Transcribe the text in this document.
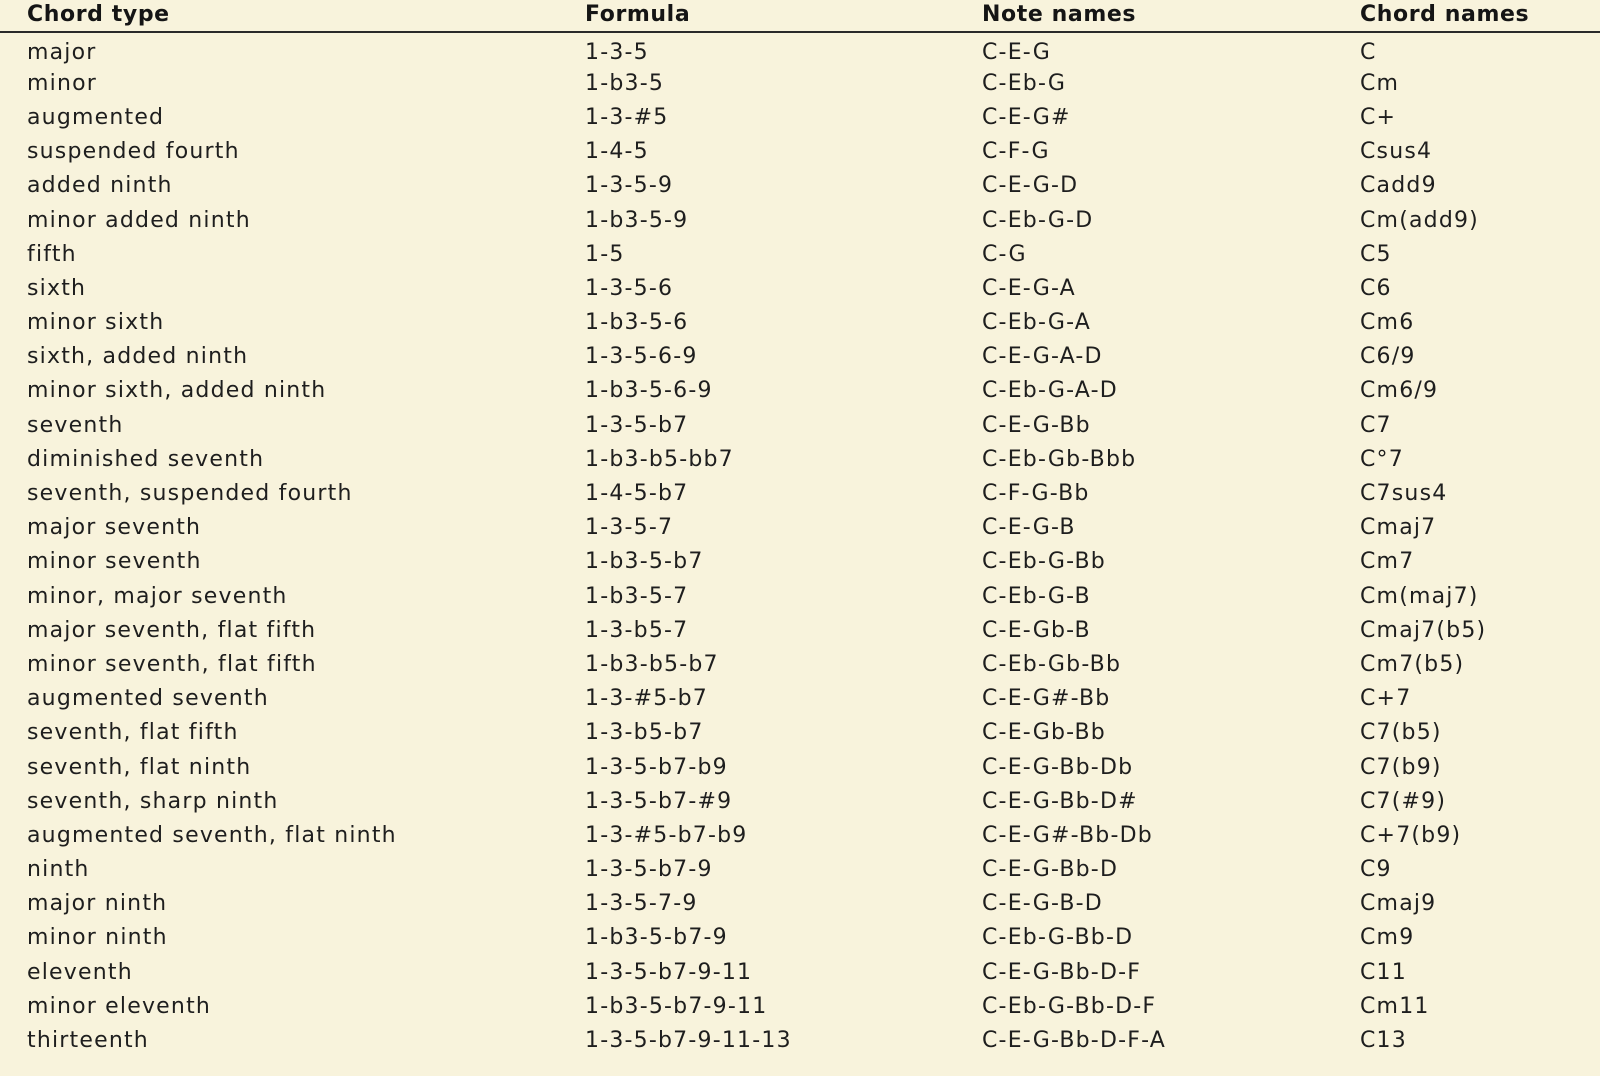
Chord type	Formula	Note names	Chord names
major	1-3-5	C-E-G	C
minor	1-b3-5	C-Eb-G	Cm
augmented	1-3-#5	C-E-G#	C+
suspended fourth	1-4-5	C-F-G	Csus4
added ninth	1-3-5-9	C-E-G-D	Cadd9
minor added ninth	1-b3-5-9	C-Eb-G-D	Cm(add9)
fifth	1-5	C-G	C5
sixth	1-3-5-6	C-E-G-A	C6
minor sixth	1-b3-5-6	C-Eb-G-A	Cm6
sixth, added ninth	1-3-5-6-9	C-E-G-A-D	C6/9
minor sixth, added ninth	1-b3-5-6-9	C-Eb-G-A-D	Cm6/9
seventh	1-3-5-b7	C-E-G-Bb	C7
diminished seventh	1-b3-b5-bb7	C-Eb-Gb-Bbb	C°7
seventh, suspended fourth	1-4-5-b7	C-F-G-Bb	C7sus4
major seventh	1-3-5-7	C-E-G-B	Cmaj7
minor seventh	1-b3-5-b7	C-Eb-G-Bb	Cm7
minor, major seventh	1-b3-5-7	C-Eb-G-B	Cm(maj7)
major seventh, flat fifth	1-3-b5-7	C-E-Gb-B	Cmaj7(b5)
minor seventh, flat fifth	1-b3-b5-b7	C-Eb-Gb-Bb	Cm7(b5)
augmented seventh	1-3-#5-b7	C-E-G#-Bb	C+7
seventh, flat fifth	1-3-b5-b7	C-E-Gb-Bb	C7(b5)
seventh, flat ninth	1-3-5-b7-b9	C-E-G-Bb-Db	C7(b9)
seventh, sharp ninth	1-3-5-b7-#9	C-E-G-Bb-D#	C7(#9)
augmented seventh, flat ninth	1-3-#5-b7-b9	C-E-G#-Bb-Db	C+7(b9)
ninth	1-3-5-b7-9	C-E-G-Bb-D	C9
major ninth	1-3-5-7-9	C-E-G-B-D	Cmaj9
minor ninth	1-b3-5-b7-9	C-Eb-G-Bb-D	Cm9
eleventh	1-3-5-b7-9-11	C-E-G-Bb-D-F	C11
minor eleventh	1-b3-5-b7-9-11	C-Eb-G-Bb-D-F	Cm11
thirteenth	1-3-5-b7-9-11-13	C-E-G-Bb-D-F-A	C13
